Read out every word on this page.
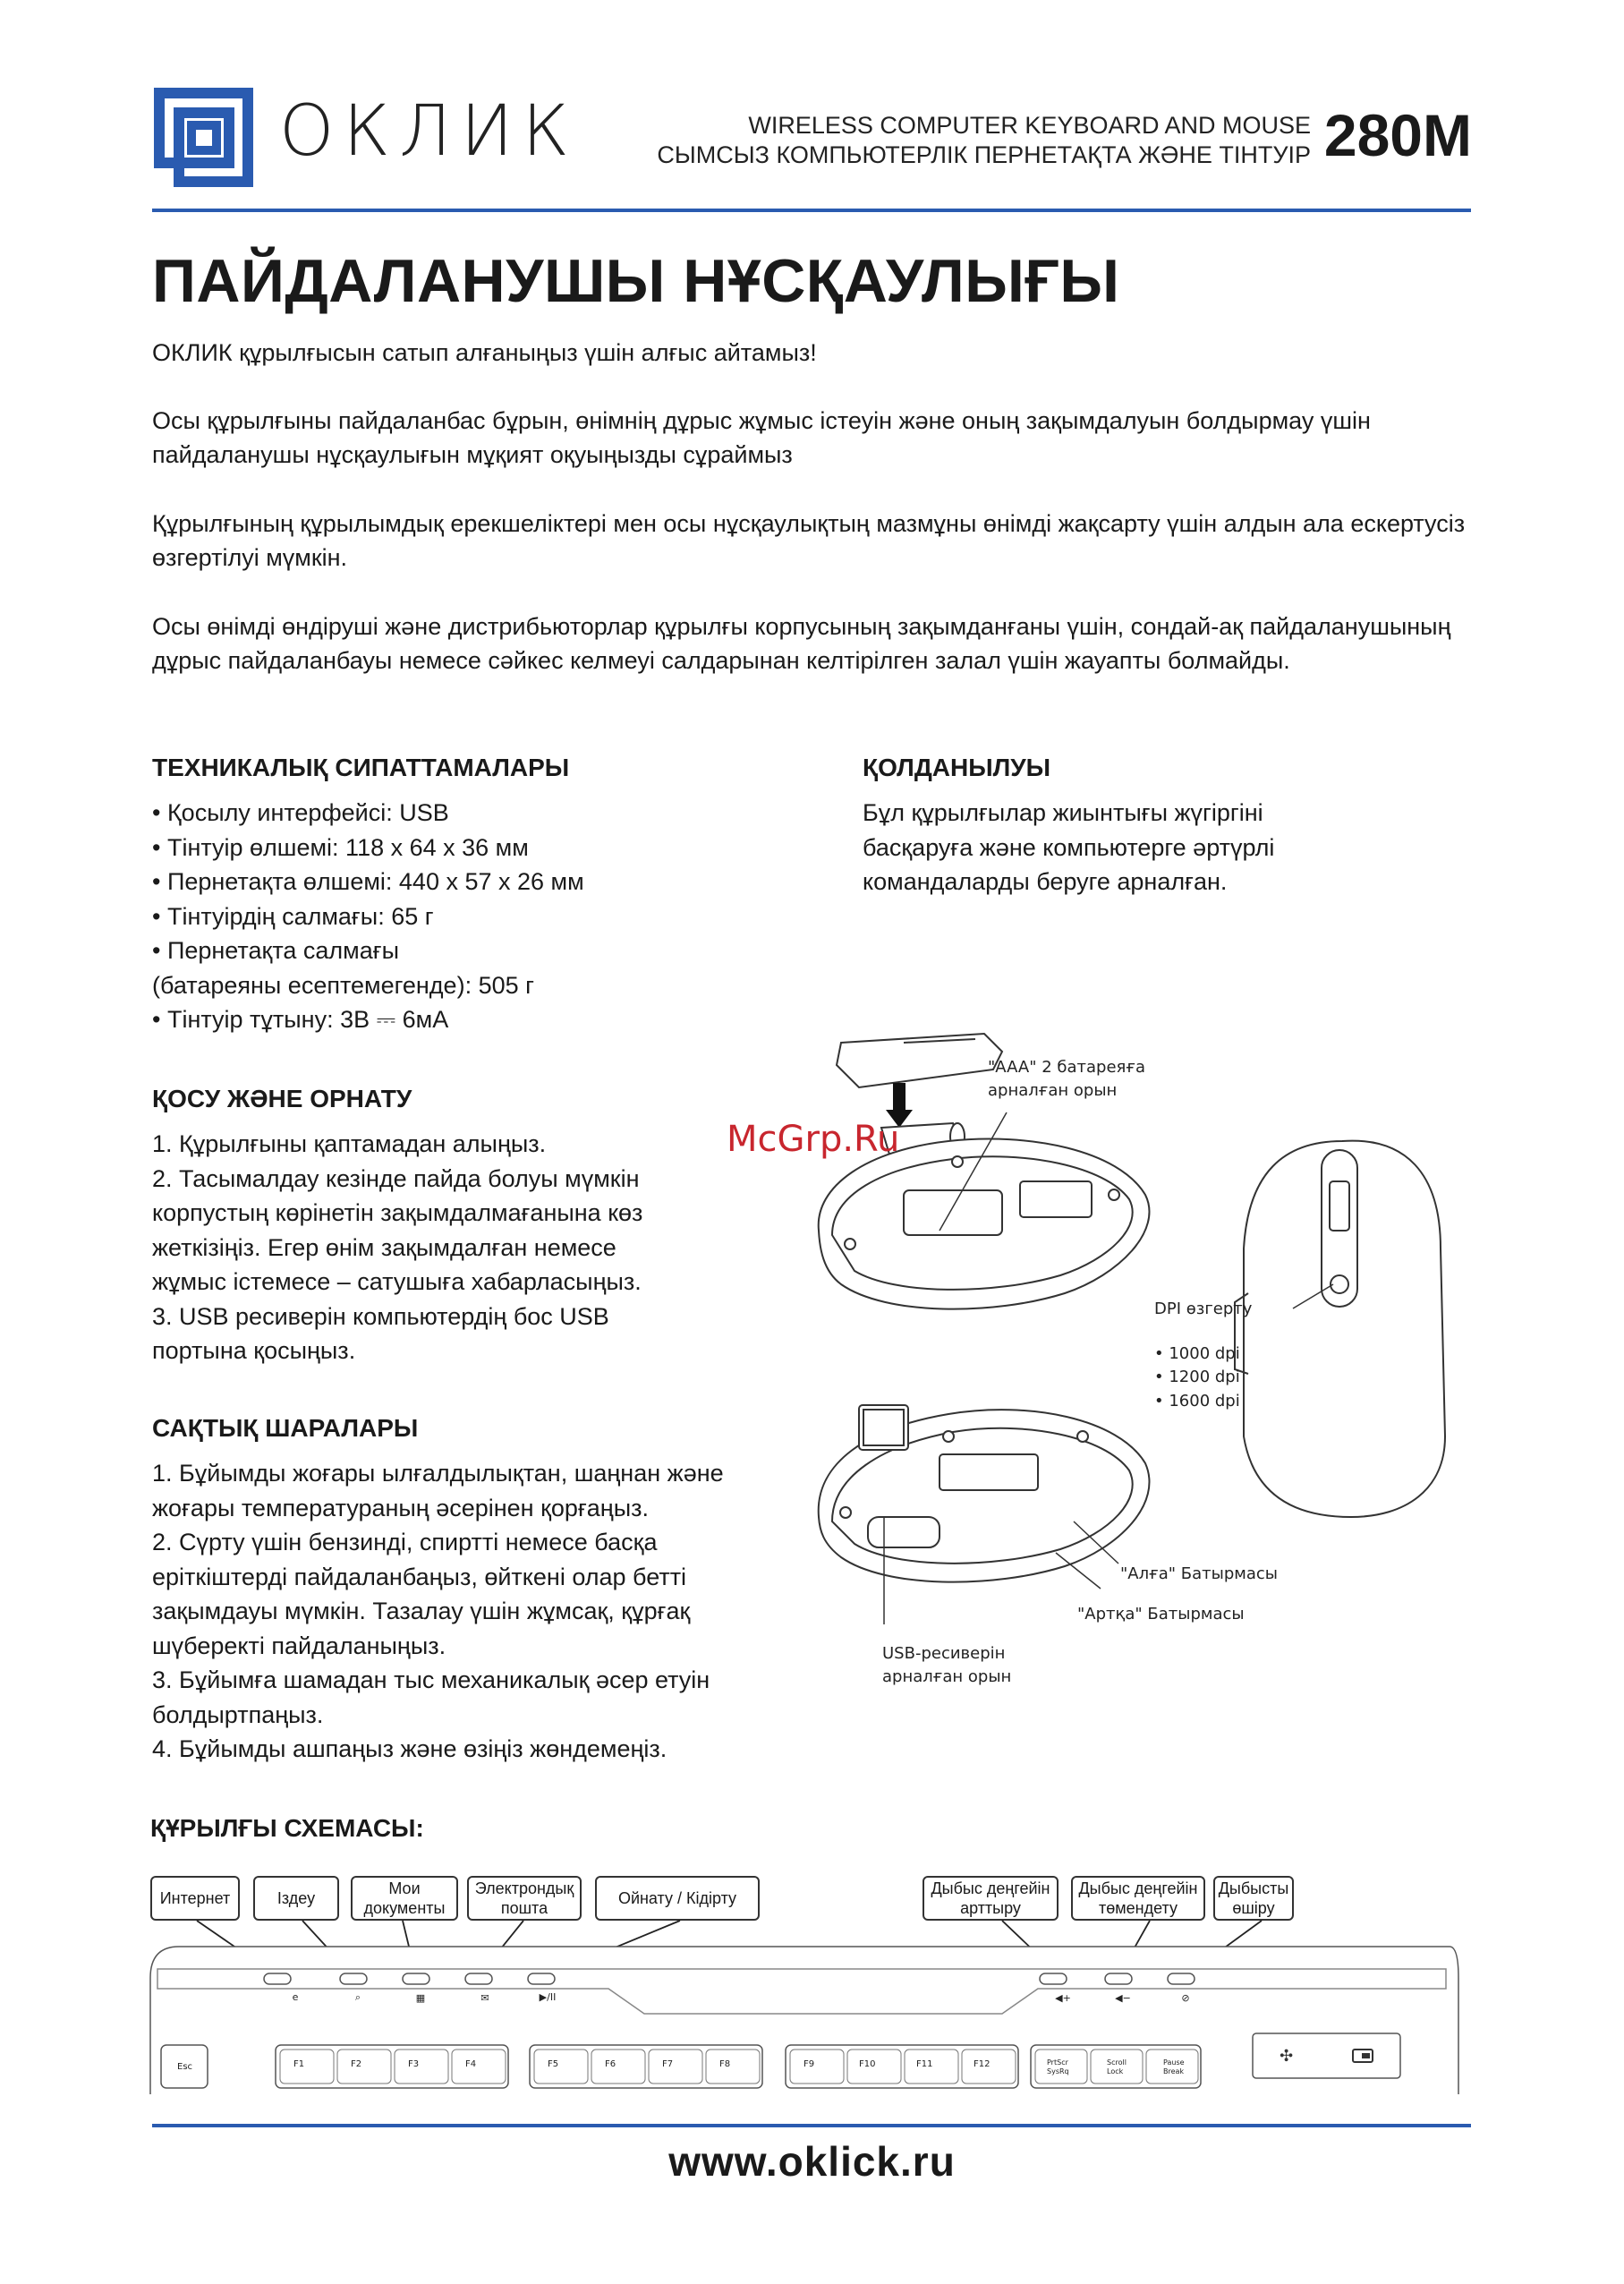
ОКЛИК	WIRELESS COMPUTER KEYBOARD AND MOUSE
СЫМСЫЗ КОМПЬЮТЕРЛІК ПЕРНЕТАҚТА ЖӘНЕ ТІНТУІР 280M
ПАЙДАЛАНУШЫ НҰСҚАУЛЫҒЫ

ОКЛИК құрылғысын сатып алғаныңыз үшін алғыс айтамыз!

Осы құрылғыны пайдаланбас бұрын, өнімнің дұрыс жұмыс істеуін және оның зақымдалуын болдырмау үшін пайдаланушы нұсқаулығын мұқият оқуыңызды сұраймыз

Құрылғының құрылымдық ерекшеліктері мен осы нұсқаулықтың мазмұны өнімді жақсарту үшін алдын ала ескертусіз өзгертілуі мүмкін.

Осы өнімді өндіруші және дистрибьюторлар құрылғы корпусының зақымданғаны үшін, сондай-ақ пайдаланушының дұрыс пайдаланбауы немесе сәйкес келмеуі салдарынан келтірілген залал үшін жауапты болмайды.

ТЕХНИКАЛЫҚ СИПАТТАМАЛАРЫ
• Қосылу интерфейсі: USB
• Тінтуір өлшемі: 118 x 64 x 36 мм
• Пернетақта өлшемі: 440 x 57 x 26 мм
• Тінтуірдің салмағы: 65 г
• Пернетақта салмағы
(батареяны есептемегенде): 505 г
• Тінтуір тұтыну: 3В ⎓ 6мА
ҚОЛДАНЫЛУЫ
Бұл құрылғылар жиынтығы жүгіргіні
басқаруға және компьютерге әртүрлі
командаларды беруге арналған.
ҚОСУ ЖӘНЕ ОРНАТУ
1. Құрылғыны қаптамадан алыңыз.
2. Тасымалдау кезінде пайда болуы мүмкін
корпустың көрінетін зақымдалмағанына көз
жеткізіңіз. Егер өнім зақымдалған немесе
жұмыс істемесе – сатушыға хабарласыңыз.
3. USB ресиверін компьютердің бос USB
портына қосыңыз.
САҚТЫҚ ШАРАЛАРЫ
1. Бұйымды жоғары ылғалдылықтан, шаңнан және
жоғары температураның әсерінен қорғаңыз.
2. Сүрту үшін бензинді, спиртті немесе басқа
еріткіштерді пайдаланбаңыз, өйткені олар бетті
зақымдауы мүмкін. Тазалау үшін жұмсақ, құрғақ
шүберекті пайдаланыңыз.
3. Бұйымға шамадан тыс механикалық әсер етуін
болдыртпаңыз.
4. Бұйымды ашпаңыз және өзіңіз жөндемеңіз.
"AAA" 2 батареяға
арналған орын
DPI өзгерту
• 1000 dpi
• 1200 dpi
• 1600 dpi
"Алға" Батырмасы
"Артқа" Батырмасы
USB-ресиверін
арналған орын
McGrp.Ru
ҚҰРЫЛҒЫ СХЕМАСЫ:
Интернет	Іздеу
Мои
документы
Электрондық
пошта
Ойнату / Кідірту
Дыбыс деңгейін
арттыру
Дыбыс деңгейін
төмендету
Дыбысты
өшіру
e	⌕	▦	✉	▶/II	◀+	◀−	⊘
Esc	F1	F2	F3	F4	F5	F6	F7	F8	F9	F10	F11	F12	PrtScr
SysRq
Scroll
Lock
Pause
Break
✣
www.oklick.ru
